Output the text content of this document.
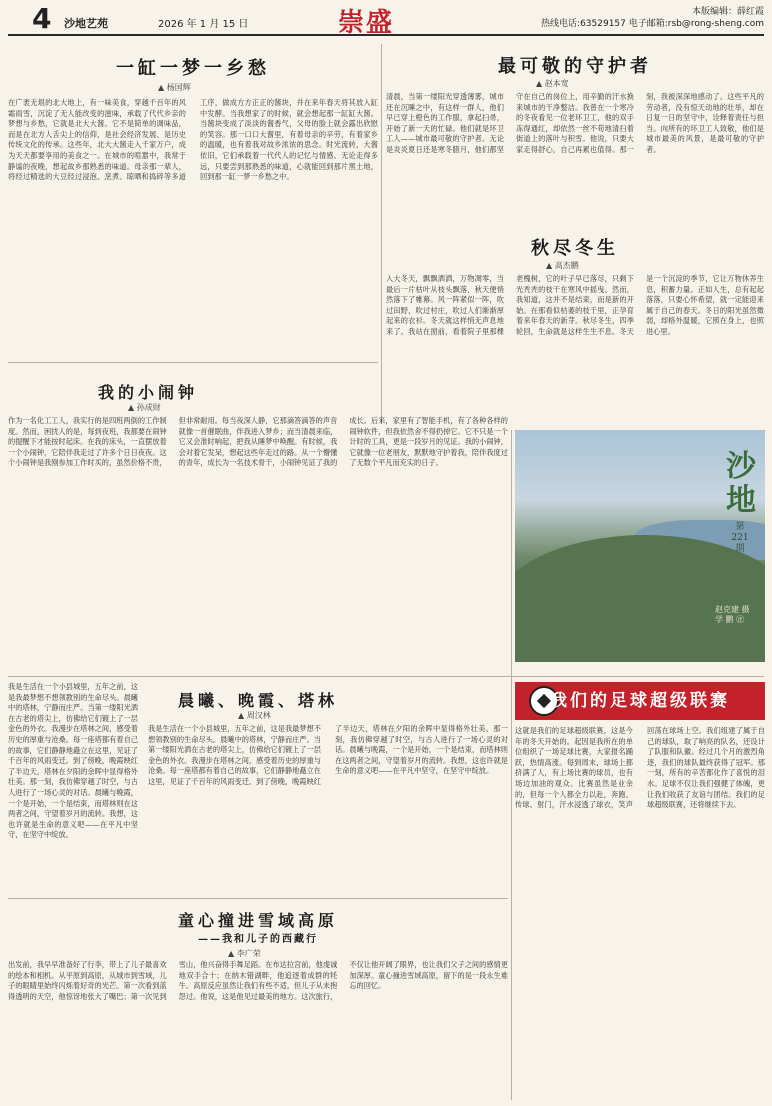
4 沙地艺苑	2026 年 1 月 15 日	崇盛	本版编辑：薛红霞
热线电话:63529157 电子邮箱:rsb@rong-sheng.com
一缸一梦一乡愁
▲ 杨国辉
在广袤无垠的北大地上，有一味美食，穿越千百年的风霜雨雪，沉淀了无人能改变的滋味，承载了代代乡亲的梦想与乡愁，它就是北大大酱。它不是简单的调味品，而是在北方人舌尖上的信仰，是社会经济发展、是历史传统文化的传承。这些年，北大大酱走入千家万户，成为天天都要享用的美食之一。在城市的喧嚣中，我常于静谧的夜晚，想起故乡那熟悉的味道。母亲那一辈人，将经过精选的大豆经过浸泡、烹煮、晾晒和捣碎等多道工序，做成方方正正的酱块，并在来年春天将其放入缸中发酵。当我想家了的时候，就会想起那一缸缸大酱。当酱块变成了淡淡的酱香气，父母的脸上就会露出欣慰的笑容。那一口口大酱里，有着母亲的辛劳，有着家乡的温暖，也有着我对故乡浓浓的思念。时光流转，大酱依旧，它们承载着一代代人的记忆与情感。无论走得多远，只要尝到那熟悉的味道，心就能回到那片黑土地，回到那一缸一梦一乡愁之中。
最可敬的守护者
▲ 赵本宽
清晨，当第一缕阳光穿透薄雾，城市还在沉睡之中，有这样一群人，他们早已穿上橙色的工作服，拿起扫帚，开始了新一天的忙碌。他们就是环卫工人——城市最可敬的守护者。无论是炎炎夏日还是寒冬腊月，他们都坚守在自己的岗位上，用辛勤的汗水换来城市的干净整洁。我曾在一个寒冷的冬夜看见一位老环卫工，他的双手冻得通红，却依然一丝不苟地清扫着街道上的落叶与积雪。他说，只要大家走得舒心，自己再累也值得。那一刻，我被深深地感动了。这些平凡的劳动者，没有惊天动地的壮举，却在日复一日的坚守中，诠释着责任与担当。向所有的环卫工人致敬，他们是城市最美的风景，是最可敬的守护者。
秋尽冬生
▲ 高杰鹏
入大冬天，飘飘洒洒，万物凋零，当最后一片枯叶从枝头飘落，秋天便悄然落下了帷幕。风一阵紧似一阵，吹过田野，吹过村庄，吹过人们渐渐厚起来的衣衫。冬天就这样悄无声息地来了。我站在窗前，看着院子里那棵老槐树，它的叶子早已落尽，只剩下光秃秃的枝干在寒风中摇曳。然而，我知道，这并不是结束，而是新的开始。在那看似枯萎的枝干里，正孕育着来年春天的新芽。秋尽冬生，四季轮回，生命就是这样生生不息。冬天是一个沉淀的季节，它让万物休养生息，积蓄力量。正如人生，总有起起落落，只要心怀希望，就一定能迎来属于自己的春天。冬日的阳光虽然微弱，却格外温暖，它照在身上，也照进心里。
我的小闹钟
▲ 孙成财
作为一名化工工人，我实行的是四班两倒的工作制度。然而，困扰人的是，每到夜班，我都要在闹钟的提醒下才能按时起床。在我的床头，一直摆放着一个小闹钟，它陪伴我走过了许多个日日夜夜。这个小闹钟是我刚参加工作时买的，虽然价格不贵，但非常耐用。每当夜深人静，它那滴答滴答的声音就像一首催眠曲，伴我进入梦乡；而当清晨来临，它又会准时响起，把我从睡梦中唤醒。有时候，我会对着它发呆，想起这些年走过的路。从一个懵懂的青年，成长为一名技术骨干，小闹钟见证了我的成长。后来，家里有了智能手机，有了各种各样的闹钟软件，但我依然舍不得扔掉它。它不只是一个计时的工具，更是一段岁月的见证。我的小闹钟，它就像一位老朋友，默默地守护着我，陪伴我度过了无数个平凡而充实的日子。	沙地
第221期
赵克建 摄 学 鹏 ㊣
我是生活在一个小县城里，五年之前，这是我最梦想不想领教别的生命尽头。晨曦中的塔林，宁静而庄严。当第一缕阳光洒在古老的塔尖上，仿佛给它们镀上了一层金色的外衣。我漫步在塔林之间，感受着历史的厚重与沧桑。每一座塔都有着自己的故事，它们静静地矗立在这里，见证了千百年的风雨变迁。到了傍晚，晚霞映红了半边天，塔林在夕阳的余晖中显得格外壮美。那一刻，我仿佛穿越了时空，与古人进行了一场心灵的对话。晨曦与晚霞，一个是开始，一个是结束，而塔林则在这两者之间，守望着岁月的流转。我想，这也许就是生命的意义吧——在平凡中坚守，在坚守中绽放。
晨曦、晚霞、塔林
▲ 周汉林
我是生活在一个小县城里，五年之前，这是我最梦想不想领教别的生命尽头。晨曦中的塔林，宁静而庄严。当第一缕阳光洒在古老的塔尖上，仿佛给它们镀上了一层金色的外衣。我漫步在塔林之间，感受着历史的厚重与沧桑。每一座塔都有着自己的故事，它们静静地矗立在这里，见证了千百年的风雨变迁。到了傍晚，晚霞映红了半边天，塔林在夕阳的余晖中显得格外壮美。那一刻，我仿佛穿越了时空，与古人进行了一场心灵的对话。晨曦与晚霞，一个是开始，一个是结束，而塔林则在这两者之间，守望着岁月的流转。我想，这也许就是生命的意义吧——在平凡中坚守，在坚守中绽放。
童心撞进雪域高原
——我和儿子的西藏行
▲ 李广荣
出发前，我早早准备好了行李，带上了儿子最喜欢的绘本和相机。从平原到高原，从城市到雪域，儿子的眼睛里始终闪烁着好奇的光芒。第一次看到蓝得透明的天空，他惊讶地张大了嘴巴；第一次见到雪山，他兴奋得手舞足蹈。在布达拉宫前，他虔诚地双手合十；在纳木错湖畔，他追逐着成群的牦牛。高原反应虽然让我们有些不适，但儿子从未抱怨过。他说，这是他见过最美的地方。这次旅行，不仅让他开阔了眼界，也让我们父子之间的感情更加深厚。童心撞进雪域高原，留下的是一段永生难忘的回忆。
我们的足球超级联赛
这就是我们的足球超级联赛，这是今年的冬天开始的。起因是我所在的单位组织了一场足球比赛，大家报名踊跃，热情高涨。每到周末，球场上都挤满了人，有上场比赛的球员，也有场边加油的观众。比赛虽然是业余的，但每一个人都全力以赴，奔跑、传球、射门，汗水浸透了球衣，笑声回荡在球场上空。我们组建了属于自己的球队，取了响亮的队名，还设计了队服和队徽。经过几个月的激烈角逐，我们的球队最终获得了冠军。那一刻，所有的辛苦都化作了喜悦的泪水。足球不仅让我们强健了体魄，更让我们收获了友谊与团结。我们的足球超级联赛，还将继续下去。
